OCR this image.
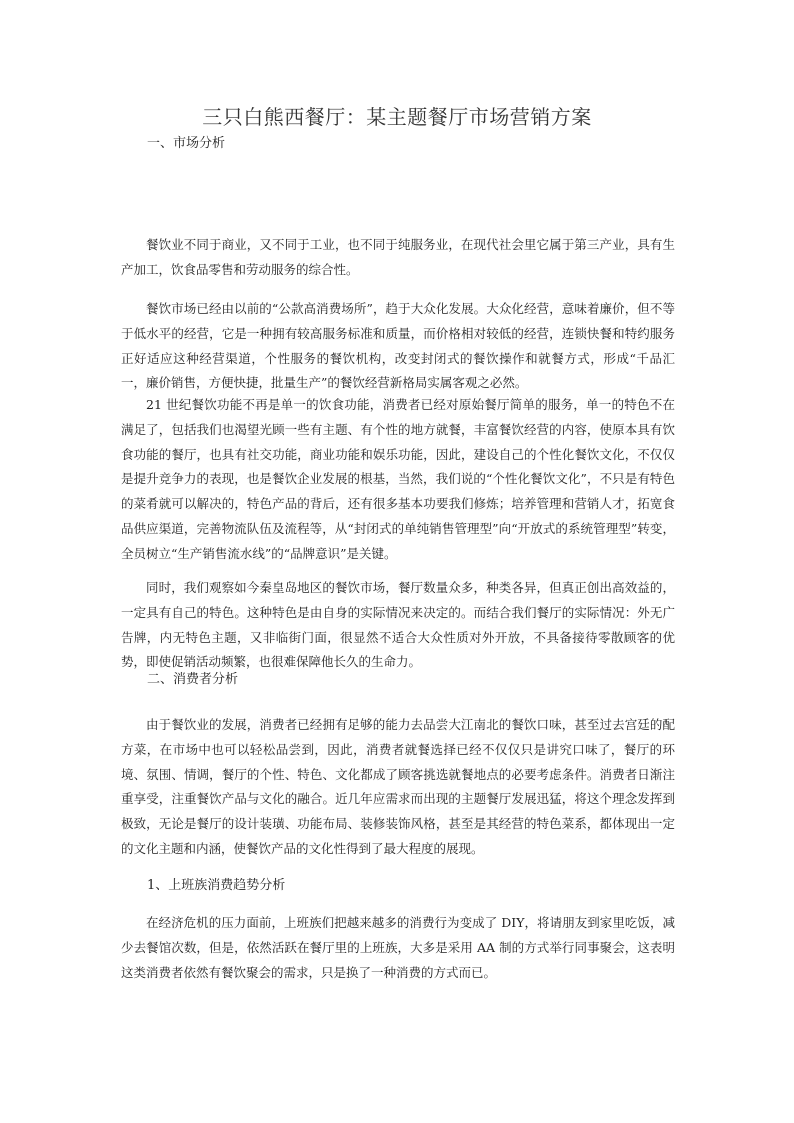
三只白熊西餐厅：某主题餐厅市场营销方案

一、市场分析

餐饮业不同于商业，又不同于工业，也不同于纯服务业，在现代社会里它属于第三产业，具有生产加工，饮食品零售和劳动服务的综合性。

餐饮市场已经由以前的“公款高消费场所”，趋于大众化发展。大众化经营，意味着廉价，但不等于低水平的经营，它是一种拥有较高服务标准和质量，而价格相对较低的经营，连锁快餐和特约服务正好适应这种经营渠道，个性服务的餐饮机构，改变封闭式的餐饮操作和就餐方式，形成“千品汇一，廉价销售，方便快捷，批量生产”的餐饮经营新格局实属客观之必然。

21 世纪餐饮功能不再是单一的饮食功能，消费者已经对原始餐厅简单的服务，单一的特色不在满足了，包括我们也渴望光顾一些有主题、有个性的地方就餐，丰富餐饮经营的内容，使原本具有饮食功能的餐厅，也具有社交功能，商业功能和娱乐功能，因此，建设自己的个性化餐饮文化，不仅仅是提升竞争力的表现，也是餐饮企业发展的根基，当然，我们说的“个性化餐饮文化”，不只是有特色的菜肴就可以解决的，特色产品的背后，还有很多基本功要我们修炼；培养管理和营销人才，拓宽食品供应渠道，完善物流队伍及流程等，从“封闭式的单纯销售管理型”向“开放式的系统管理型”转变，全员树立“生产销售流水线”的“品牌意识”是关键。

同时，我们观察如今秦皇岛地区的餐饮市场，餐厅数量众多，种类各异，但真正创出高效益的，一定具有自己的特色。这种特色是由自身的实际情况来决定的。而结合我们餐厅的实际情况：外无广告牌，内无特色主题，又非临街门面，很显然不适合大众性质对外开放，不具备接待零散顾客的优势，即使促销活动频繁，也很难保障他长久的生命力。

二、消费者分析

由于餐饮业的发展，消费者已经拥有足够的能力去品尝大江南北的餐饮口味，甚至过去宫廷的配方菜，在市场中也可以轻松品尝到，因此，消费者就餐选择已经不仅仅只是讲究口味了，餐厅的环境、氛围、情调，餐厅的个性、特色、文化都成了顾客挑选就餐地点的必要考虑条件。消费者日渐注重享受，注重餐饮产品与文化的融合。近几年应需求而出现的主题餐厅发展迅猛，将这个理念发挥到极致，无论是餐厅的设计装璜、功能布局、装修装饰风格，甚至是其经营的特色菜系，都体现出一定的文化主题和内涵，使餐饮产品的文化性得到了最大程度的展现。

1、上班族消费趋势分析

在经济危机的压力面前，上班族们把越来越多的消费行为变成了 DIY，将请朋友到家里吃饭，减少去餐馆次数，但是，依然活跃在餐厅里的上班族，大多是采用 AA 制的方式举行同事聚会，这表明这类消费者依然有餐饮聚会的需求，只是换了一种消费的方式而已。
